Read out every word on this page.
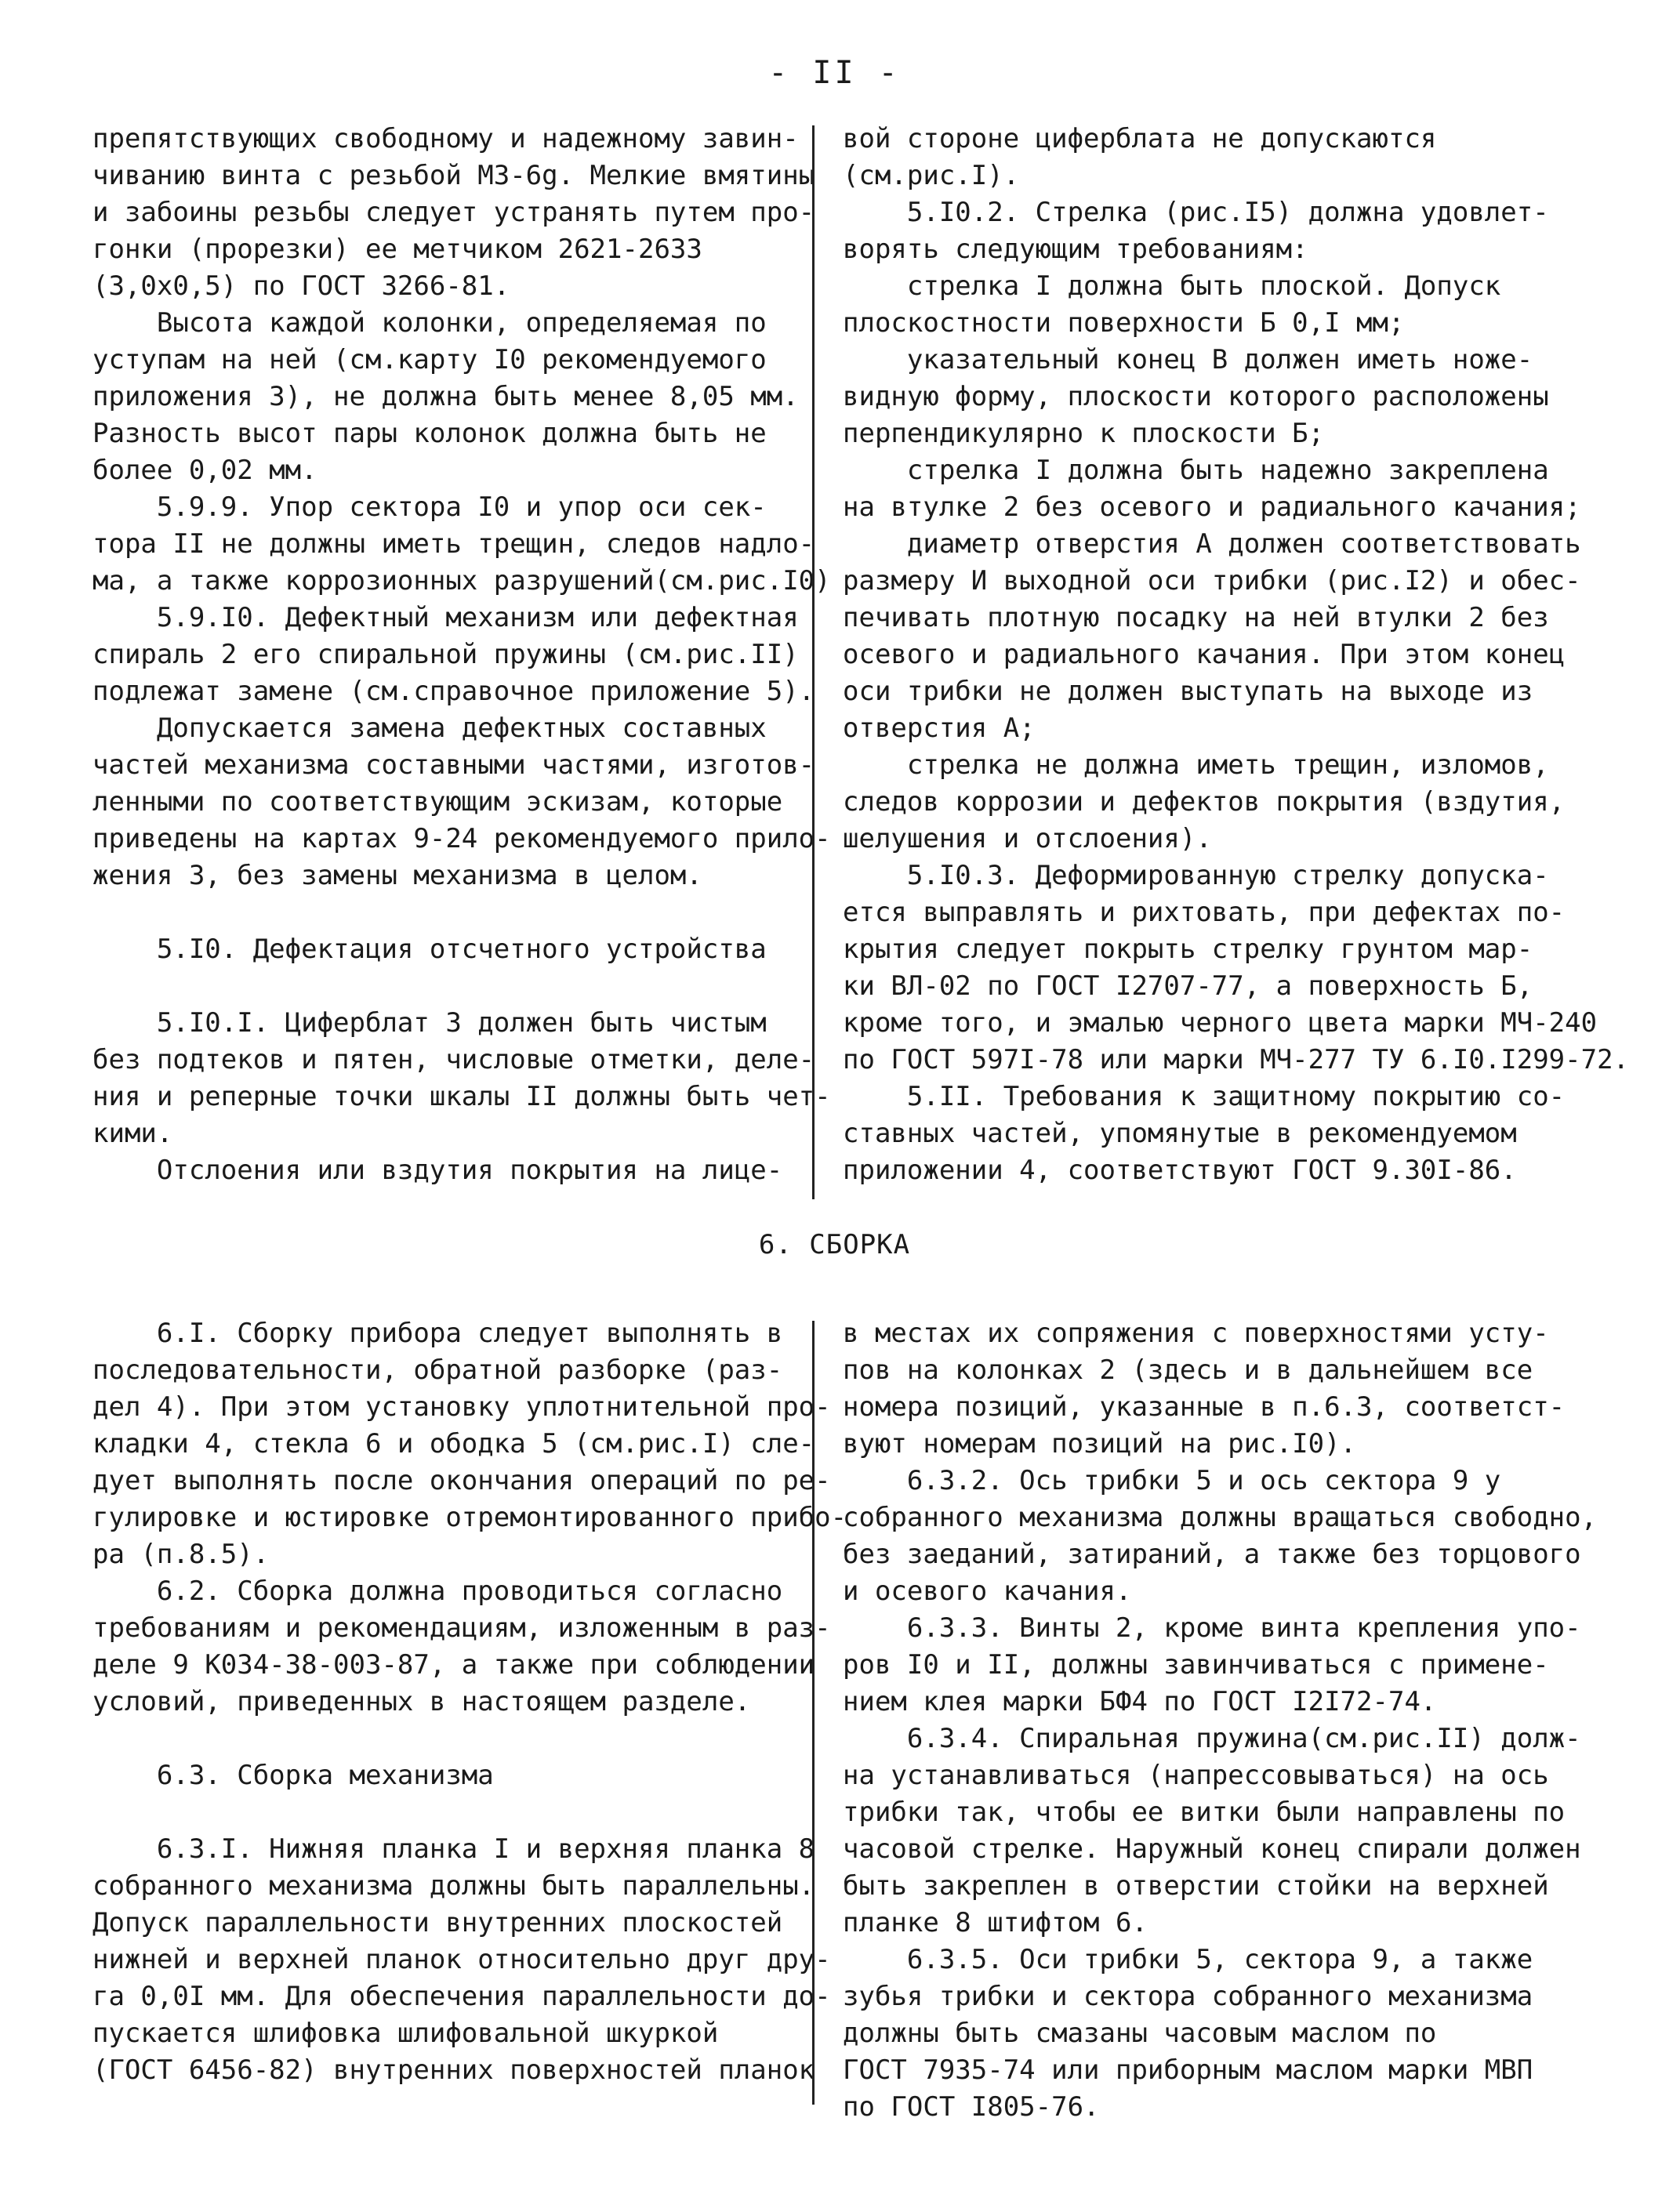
- II -
препятствующих свободному и надежному завин-
чиванию винта с резьбой М3-6g. Мелкие вмятины
и забоины резьбы следует устранять путем про-
гонки (прорезки) ее метчиком 2621-2633
(3,0х0,5) по ГОСТ 3266-81.
Высота каждой колонки, определяемая по
уступам на ней (см.карту I0 рекомендуемого
приложения 3), не должна быть менее 8,05 мм.
Разность высот пары колонок должна быть не
более 0,02 мм.
5.9.9. Упор сектора I0 и упор оси сек-
тора II не должны иметь трещин, следов надло-
ма, а также коррозионных разрушений(см.рис.I0)
5.9.I0. Дефектный механизм или дефектная
спираль 2 его спиральной пружины (см.рис.II)
подлежат замене (см.справочное приложение 5).
Допускается замена дефектных составных
частей механизма составными частями, изготов-
ленными по соответствующим эскизам, которые
приведены на картах 9-24 рекомендуемого прило-
жения 3, без замены механизма в целом.
5.I0. Дефектация отсчетного устройства
5.I0.I. Циферблат 3 должен быть чистым
без подтеков и пятен, числовые отметки, деле-
ния и реперные точки шкалы II должны быть чет-
кими.
Отслоения или вздутия покрытия на лице-
вой стороне циферблата не допускаются
(см.рис.I).
5.I0.2. Стрелка (рис.I5) должна удовлет-
ворять следующим требованиям:
стрелка I должна быть плоской. Допуск
плоскостности поверхности Б 0,I мм;
указательный конец В должен иметь ноже-
видную форму, плоскости которого расположены
перпендикулярно к плоскости Б;
стрелка I должна быть надежно закреплена
на втулке 2 без осевого и радиального качания;
диаметр отверстия А должен соответствовать
размеру И выходной оси трибки (рис.I2) и обес-
печивать плотную посадку на ней втулки 2 без
осевого и радиального качания. При этом конец
оси трибки не должен выступать на выходе из
отверстия А;
стрелка не должна иметь трещин, изломов,
следов коррозии и дефектов покрытия (вздутия,
шелушения и отслоения).
5.I0.3. Деформированную стрелку допуска-
ется выправлять и рихтовать, при дефектах по-
крытия следует покрыть стрелку грунтом мар-
ки ВЛ-02 по ГОСТ I2707-77, а поверхность Б,
кроме того, и эмалью черного цвета марки МЧ-240
по ГОСТ 597I-78 или марки МЧ-277 ТУ 6.I0.I299-72.
5.II. Требования к защитному покрытию со-
ставных частей, упомянутые в рекомендуемом
приложении 4, соответствуют ГОСТ 9.30I-86.
6. СБОРКА
6.I. Сборку прибора следует выполнять в
последовательности, обратной разборке (раз-
дел 4). При этом установку уплотнительной про-
кладки 4, стекла 6 и ободка 5 (см.рис.I) сле-
дует выполнять после окончания операций по ре-
гулировке и юстировке отремонтированного прибо-
ра (п.8.5).
6.2. Сборка должна проводиться согласно
требованиям и рекомендациям, изложенным в раз-
деле 9 К034-38-003-87, а также при соблюдении
условий, приведенных в настоящем разделе.
6.3. Сборка механизма
6.3.I. Нижняя планка I и верхняя планка 8
собранного механизма должны быть параллельны.
Допуск параллельности внутренних плоскостей
нижней и верхней планок относительно друг дру-
га 0,0I мм. Для обеспечения параллельности до-
пускается шлифовка шлифовальной шкуркой
(ГОСТ 6456-82) внутренних поверхностей планок
в местах их сопряжения с поверхностями усту-
пов на колонках 2 (здесь и в дальнейшем все
номера позиций, указанные в п.6.3, соответст-
вуют номерам позиций на рис.I0).
6.3.2. Ось трибки 5 и ось сектора 9 у
собранного механизма должны вращаться свободно,
без заеданий, затираний, а также без торцового
и осевого качания.
6.3.3. Винты 2, кроме винта крепления упо-
ров I0 и II, должны завинчиваться с примене-
нием клея марки БФ4 по ГОСТ I2I72-74.
6.3.4. Спиральная пружина(см.рис.II) долж-
на устанавливаться (напрессовываться) на ось
трибки так, чтобы ее витки были направлены по
часовой стрелке. Наружный конец спирали должен
быть закреплен в отверстии стойки на верхней
планке 8 штифтом 6.
6.3.5. Оси трибки 5, сектора 9, а также
зубья трибки и сектора собранного механизма
должны быть смазаны часовым маслом по
ГОСТ 7935-74 или приборным маслом марки МВП
по ГОСТ I805-76.
